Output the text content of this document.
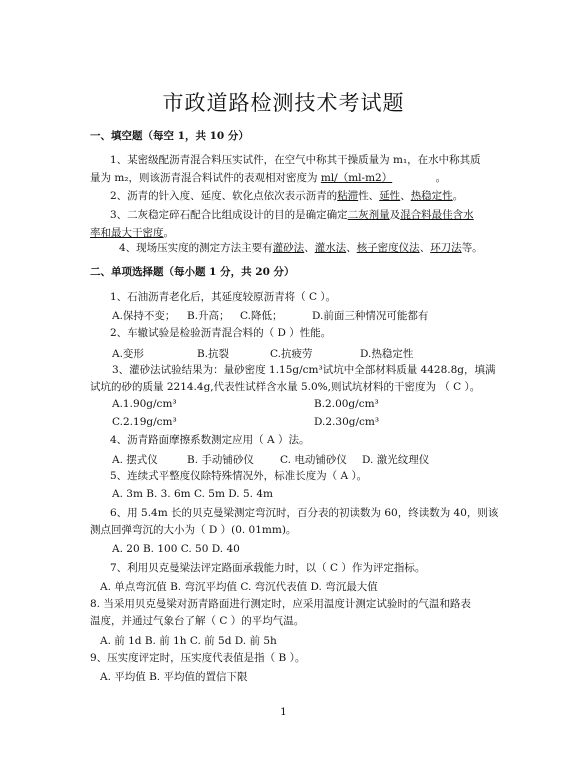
市政道路检测技术考试题
一、填空题（每空 1，共 10 分）
1、某密级配沥青混合料压实试件，在空气中称其干操质量为 m₁，在水中称其质
量为 m₂，则该沥青混合料试件的表观相对密度为 ml/（ml-m2）	。
2、沥青的针入度、延度、软化点依次表示沥青的粘滞性、延性、热稳定性。
3、二灰稳定碎石配合比组成设计的目的是确定确定二灰剂量及混合料最佳含水
率和最大干密度。
4、现场压实度的测定方法主要有灌砂法、灌水法、核子密度仪法、环刀法等。
二、单项选择题（每小题 1 分，共 20 分）
1、石油沥青老化后，其延度较原沥青将（ C ）。
A.保持不变； B.升高； C.降低；	D.前面三种情况可能都有
2、车辙试验是检验沥青混合料的（ D ）性能。
A.变形	B.抗裂	C.抗疲劳	D.热稳定性
3、灌砂法试验结果为：量砂密度 1.15g/cm³试坑中全部材料质量 4428.8g，填满
试坑的砂的质量 2214.4g,代表性试样含水量 5.0%,则试坑材料的干密度为 （ C ）。
A.1.90g/cm³	B.2.00g/cm³
C.2.19g/cm³	D.2.30g/cm³
4、沥青路面摩擦系数测定应用（ A ）法。
A. 摆式仪	B. 手动铺砂仪 C. 电动铺砂仪 D. 激光纹理仪
5、连续式平整度仪除特殊情况外，标准长度为（ A ）。
A. 3m B. 3. 6m C. 5m D. 5. 4m
6、用 5.4m 长的贝克曼梁测定弯沉时，百分表的初读数为 60，终读数为 40，则该
测点回弹弯沉的大小为（ D ）(0. 01mm)。
A. 20 B. 100 C. 50 D. 40
7、利用贝克曼梁法评定路面承载能力时，以（ C ）作为评定指标。
A. 单点弯沉值 B. 弯沉平均值 C. 弯沉代表值 D. 弯沉最大值
8. 当采用贝克曼梁对沥青路面进行测定时，应采用温度计测定试验时的气温和路表
温度，并通过气象台了解（ C ）的平均气温。
A. 前 1d B. 前 1h C. 前 5d D. 前 5h
9、压实度评定时，压实度代表值是指（ B ）。
A. 平均值 B. 平均值的置信下限
1
